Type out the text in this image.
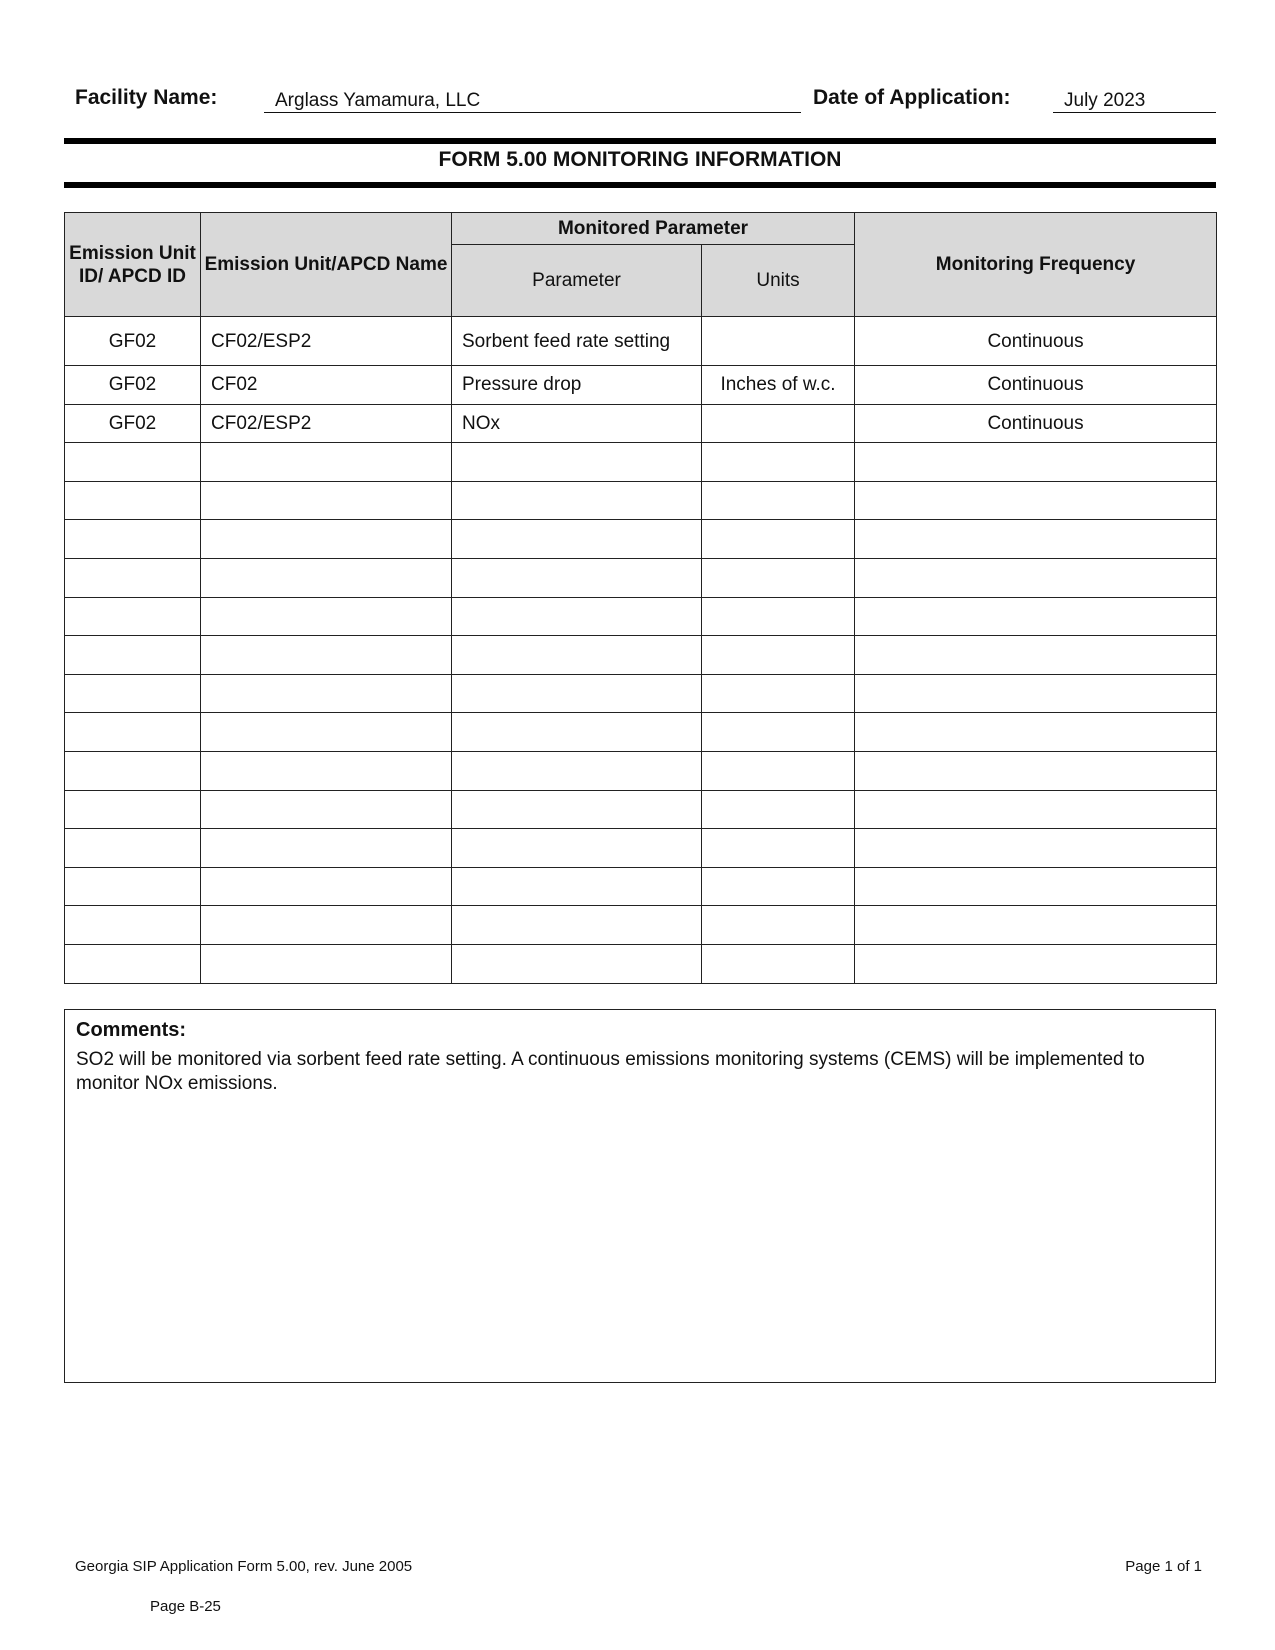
Facility Name:	Arglass Yamamura, LLC	Date of Application:	July 2023
FORM 5.00 MONITORING INFORMATION
Emission Unit ID/ APCD ID	Emission Unit/APCD Name	Monitored Parameter		Monitoring Frequency
		Parameter	Units	
GF02	CF02/ESP2	Sorbent feed rate setting		Continuous
GF02	CF02	Pressure drop	Inches of w.c.	Continuous
GF02	CF02/ESP2	NOx		Continuous

Comments:
SO2 will be monitored via sorbent feed rate setting. A continuous emissions monitoring systems (CEMS) will be implemented to monitor NOx emissions.
Georgia SIP Application Form 5.00, rev. June 2005	Page 1 of 1
Page B-25
